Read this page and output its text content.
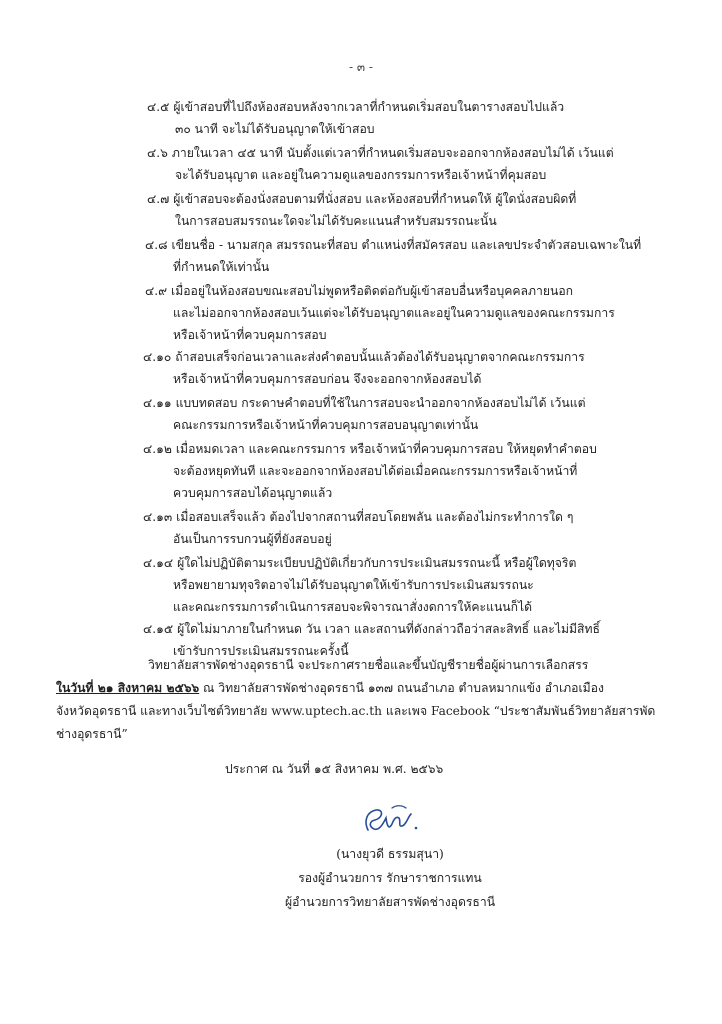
- ๓ -
๔.๕ ผู้เข้าสอบที่ไปถึงห้องสอบหลังจากเวลาที่กำหนดเริ่มสอบในตารางสอบไปแล้ว
๓๐ นาที จะไม่ได้รับอนุญาตให้เข้าสอบ
๔.๖ ภายในเวลา ๔๕ นาที นับตั้งแต่เวลาที่กำหนดเริ่มสอบจะออกจากห้องสอบไม่ได้ เว้นแต่
จะได้รับอนุญาต และอยู่ในความดูแลของกรรมการหรือเจ้าหน้าที่คุมสอบ
๔.๗ ผู้เข้าสอบจะต้องนั่งสอบตามที่นั่งสอบ และห้องสอบที่กำหนดให้ ผู้ใดนั่งสอบผิดที่
ในการสอบสมรรถนะใดจะไม่ได้รับคะแนนสำหรับสมรรถนะนั้น
๔.๘ เขียนชื่อ - นามสกุล สมรรถนะที่สอบ ตำแหน่งที่สมัครสอบ และเลขประจำตัวสอบเฉพาะในที่
ที่กำหนดให้เท่านั้น
๔.๙ เมื่ออยู่ในห้องสอบขณะสอบไม่พูดหรือติดต่อกับผู้เข้าสอบอื่นหรือบุคคลภายนอก
และไม่ออกจากห้องสอบเว้นแต่จะได้รับอนุญาตและอยู่ในความดูแลของคณะกรรมการ
หรือเจ้าหน้าที่ควบคุมการสอบ
๔.๑๐ ถ้าสอบเสร็จก่อนเวลาและส่งคำตอบนั้นแล้วต้องได้รับอนุญาตจากคณะกรรมการ
หรือเจ้าหน้าที่ควบคุมการสอบก่อน จึงจะออกจากห้องสอบได้
๔.๑๑ แบบทดสอบ กระดาษคำตอบที่ใช้ในการสอบจะนำออกจากห้องสอบไม่ได้ เว้นแต่
คณะกรรมการหรือเจ้าหน้าที่ควบคุมการสอบอนุญาตเท่านั้น
๔.๑๒ เมื่อหมดเวลา และคณะกรรมการ หรือเจ้าหน้าที่ควบคุมการสอบ ให้หยุดทำคำตอบ
จะต้องหยุดทันที และจะออกจากห้องสอบได้ต่อเมื่อคณะกรรมการหรือเจ้าหน้าที่
ควบคุมการสอบได้อนุญาตแล้ว
๔.๑๓ เมื่อสอบเสร็จแล้ว ต้องไปจากสถานที่สอบโดยพลัน และต้องไม่กระทำการใด ๆ
อันเป็นการรบกวนผู้ที่ยังสอบอยู่
๔.๑๔ ผู้ใดไม่ปฏิบัติตามระเบียบปฏิบัติเกี่ยวกับการประเมินสมรรถนะนี้ หรือผู้ใดทุจริต
หรือพยายามทุจริตอาจไม่ได้รับอนุญาตให้เข้ารับการประเมินสมรรถนะ
และคณะกรรมการดำเนินการสอบจะพิจารณาสั่งงดการให้คะแนนก็ได้
๔.๑๕ ผู้ใดไม่มาภายในกำหนด วัน เวลา และสถานที่ดังกล่าวถือว่าสละสิทธิ์ และไม่มีสิทธิ์
เข้ารับการประเมินสมรรถนะครั้งนี้
วิทยาลัยสารพัดช่างอุดรธานี จะประกาศรายชื่อและขึ้นบัญชีรายชื่อผู้ผ่านการเลือกสรร
ในวันที่ ๒๑ สิงหาคม ๒๕๖๖ ณ วิทยาลัยสารพัดช่างอุดรธานี ๑๓๗ ถนนอำเภอ ตำบลหมากแข้ง อำเภอเมือง
จังหวัดอุดรธานี และทางเว็บไซต์วิทยาลัย www.uptech.ac.th และเพจ Facebook “ประชาสัมพันธ์วิทยาลัยสารพัด
ช่างอุดรธานี”
ประกาศ ณ วันที่ ๑๕ สิงหาคม พ.ศ. ๒๕๖๖
(นางยุวดี ธรรมสุนา)
รองผู้อำนวยการ รักษาราชการแทน
ผู้อำนวยการวิทยาลัยสารพัดช่างอุดรธานี
